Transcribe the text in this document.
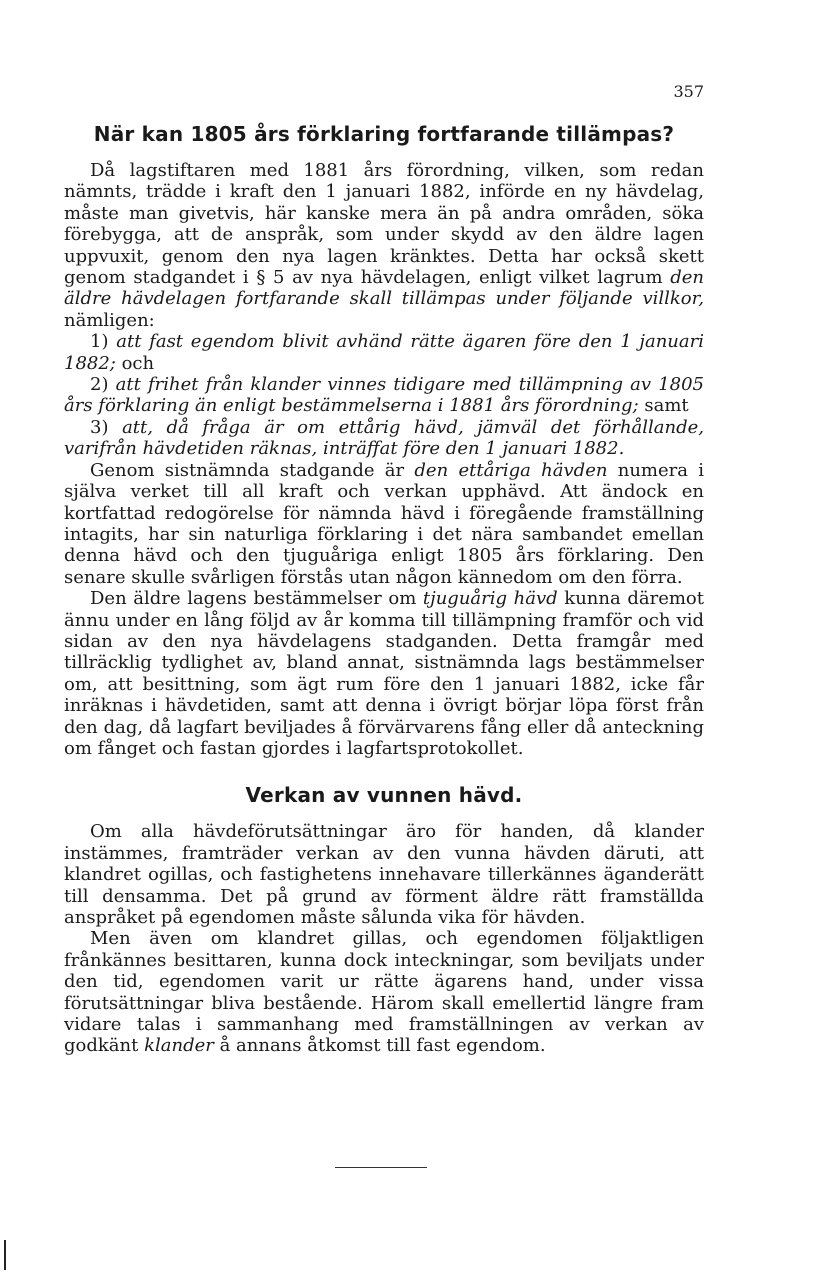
357
När kan 1805 års förklaring fortfarande tillämpas?

Då lagstiftaren med 1881 års förordning, vilken, som redan nämnts, trädde i kraft den 1 januari 1882, införde en ny hävdelag, måste man givetvis, här kanske mera än på andra områden, söka förebygga, att de anspråk, som under skydd av den äldre lagen uppvuxit, genom den nya lagen kränktes. Detta har också skett genom stadgandet i § 5 av nya hävdelagen, enligt vilket lagrum den äldre hävdelagen fortfarande skall tillämpas under följande villkor, nämligen:

1) att fast egendom blivit avhänd rätte ägaren före den 1 januari 1882; och

2) att frihet från klander vinnes tidigare med tillämpning av 1805 års förklaring än enligt bestämmelserna i 1881 års förordning; samt

3) att, då fråga är om ettårig hävd, jämväl det förhållande, varifrån hävdetiden räknas, inträffat före den 1 januari 1882.

Genom sistnämnda stadgande är den ettåriga hävden numera i själva verket till all kraft och verkan upphävd. Att ändock en kortfattad redogörelse för nämnda hävd i föregående framställning intagits, har sin naturliga förklaring i det nära sambandet emellan denna hävd och den tjuguåriga enligt 1805 års förklaring. Den senare skulle svårligen förstås utan någon kännedom om den förra.

Den äldre lagens bestämmelser om tjuguårig hävd kunna däremot ännu under en lång följd av år komma till tillämpning framför och vid sidan av den nya hävdelagens stadganden. Detta framgår med tillräcklig tydlighet av, bland annat, sistnämnda lags bestämmelser om, att besittning, som ägt rum före den 1 januari 1882, icke får inräknas i hävdetiden, samt att denna i övrigt börjar löpa först från den dag, då lagfart beviljades å förvärvarens fång eller då anteckning om fånget och fastan gjordes i lagfartsprotokollet.

Verkan av vunnen hävd.

Om alla hävdeförutsättningar äro för handen, då klander instämmes, framträder verkan av den vunna hävden däruti, att klandret ogillas, och fastighetens innehavare tillerkännes äganderätt till densamma. Det på grund av förment äldre rätt framställda anspråket på egendomen måste sålunda vika för hävden.

Men även om klandret gillas, och egendomen följaktligen frånkännes besittaren, kunna dock inteckningar, som beviljats under den tid, egendomen varit ur rätte ägarens hand, under vissa förutsättningar bliva bestående. Härom skall emellertid längre fram vidare talas i sammanhang med framställningen av verkan av godkänt klander å annans åtkomst till fast egendom.
